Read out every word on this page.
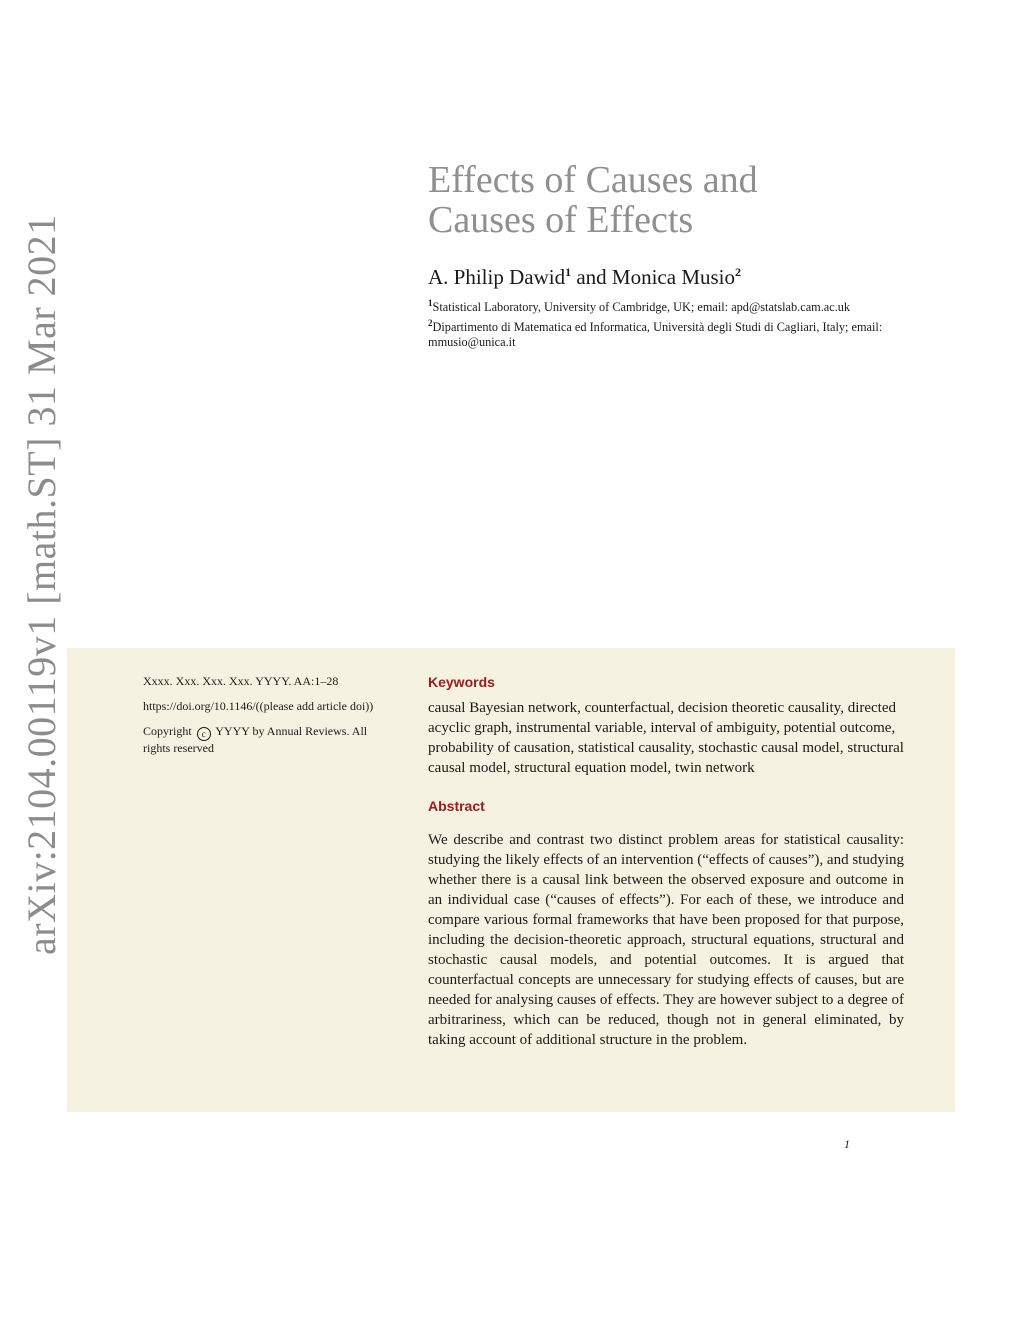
arXiv:2104.00119v1 [math.ST] 31 Mar 2021
Effects of Causes and
Causes of Effects
A. Philip Dawid$^1$ and Monica Musio$^2$
$^1$Statistical Laboratory, University of Cambridge, UK; email: apd@statslab.cam.ac.uk
$^2$Dipartimento di Matematica ed Informatica, Università degli Studi di Cagliari, Italy; email: mmusio@unica.it

Xxxx. Xxx. Xxx. Xxx. YYYY. AA:1–28

https://doi.org/10.1146/((please add article doi))

Copyright c YYYY by Annual Reviews. All rights reserved

Keywords

causal Bayesian network, counterfactual, decision theoretic causality, directed acyclic graph, instrumental variable, interval of ambiguity, potential outcome, probability of causation, statistical causality, stochastic causal model, structural causal model, structural equation model, twin network

Abstract

We describe and contrast two distinct problem areas for statistical causality: studying the likely effects of an intervention (“effects of causes”), and studying whether there is a causal link between the observed exposure and outcome in an individual case (“causes of effects”). For each of these, we introduce and compare various formal frameworks that have been proposed for that purpose, including the decision-theoretic approach, structural equations, structural and stochastic causal models, and potential outcomes. It is argued that counterfactual concepts are unnecessary for studying effects of causes, but are needed for analysing causes of effects. They are however subject to a degree of arbitrariness, which can be reduced, though not in general eliminated, by taking account of additional structure in the problem.

1
